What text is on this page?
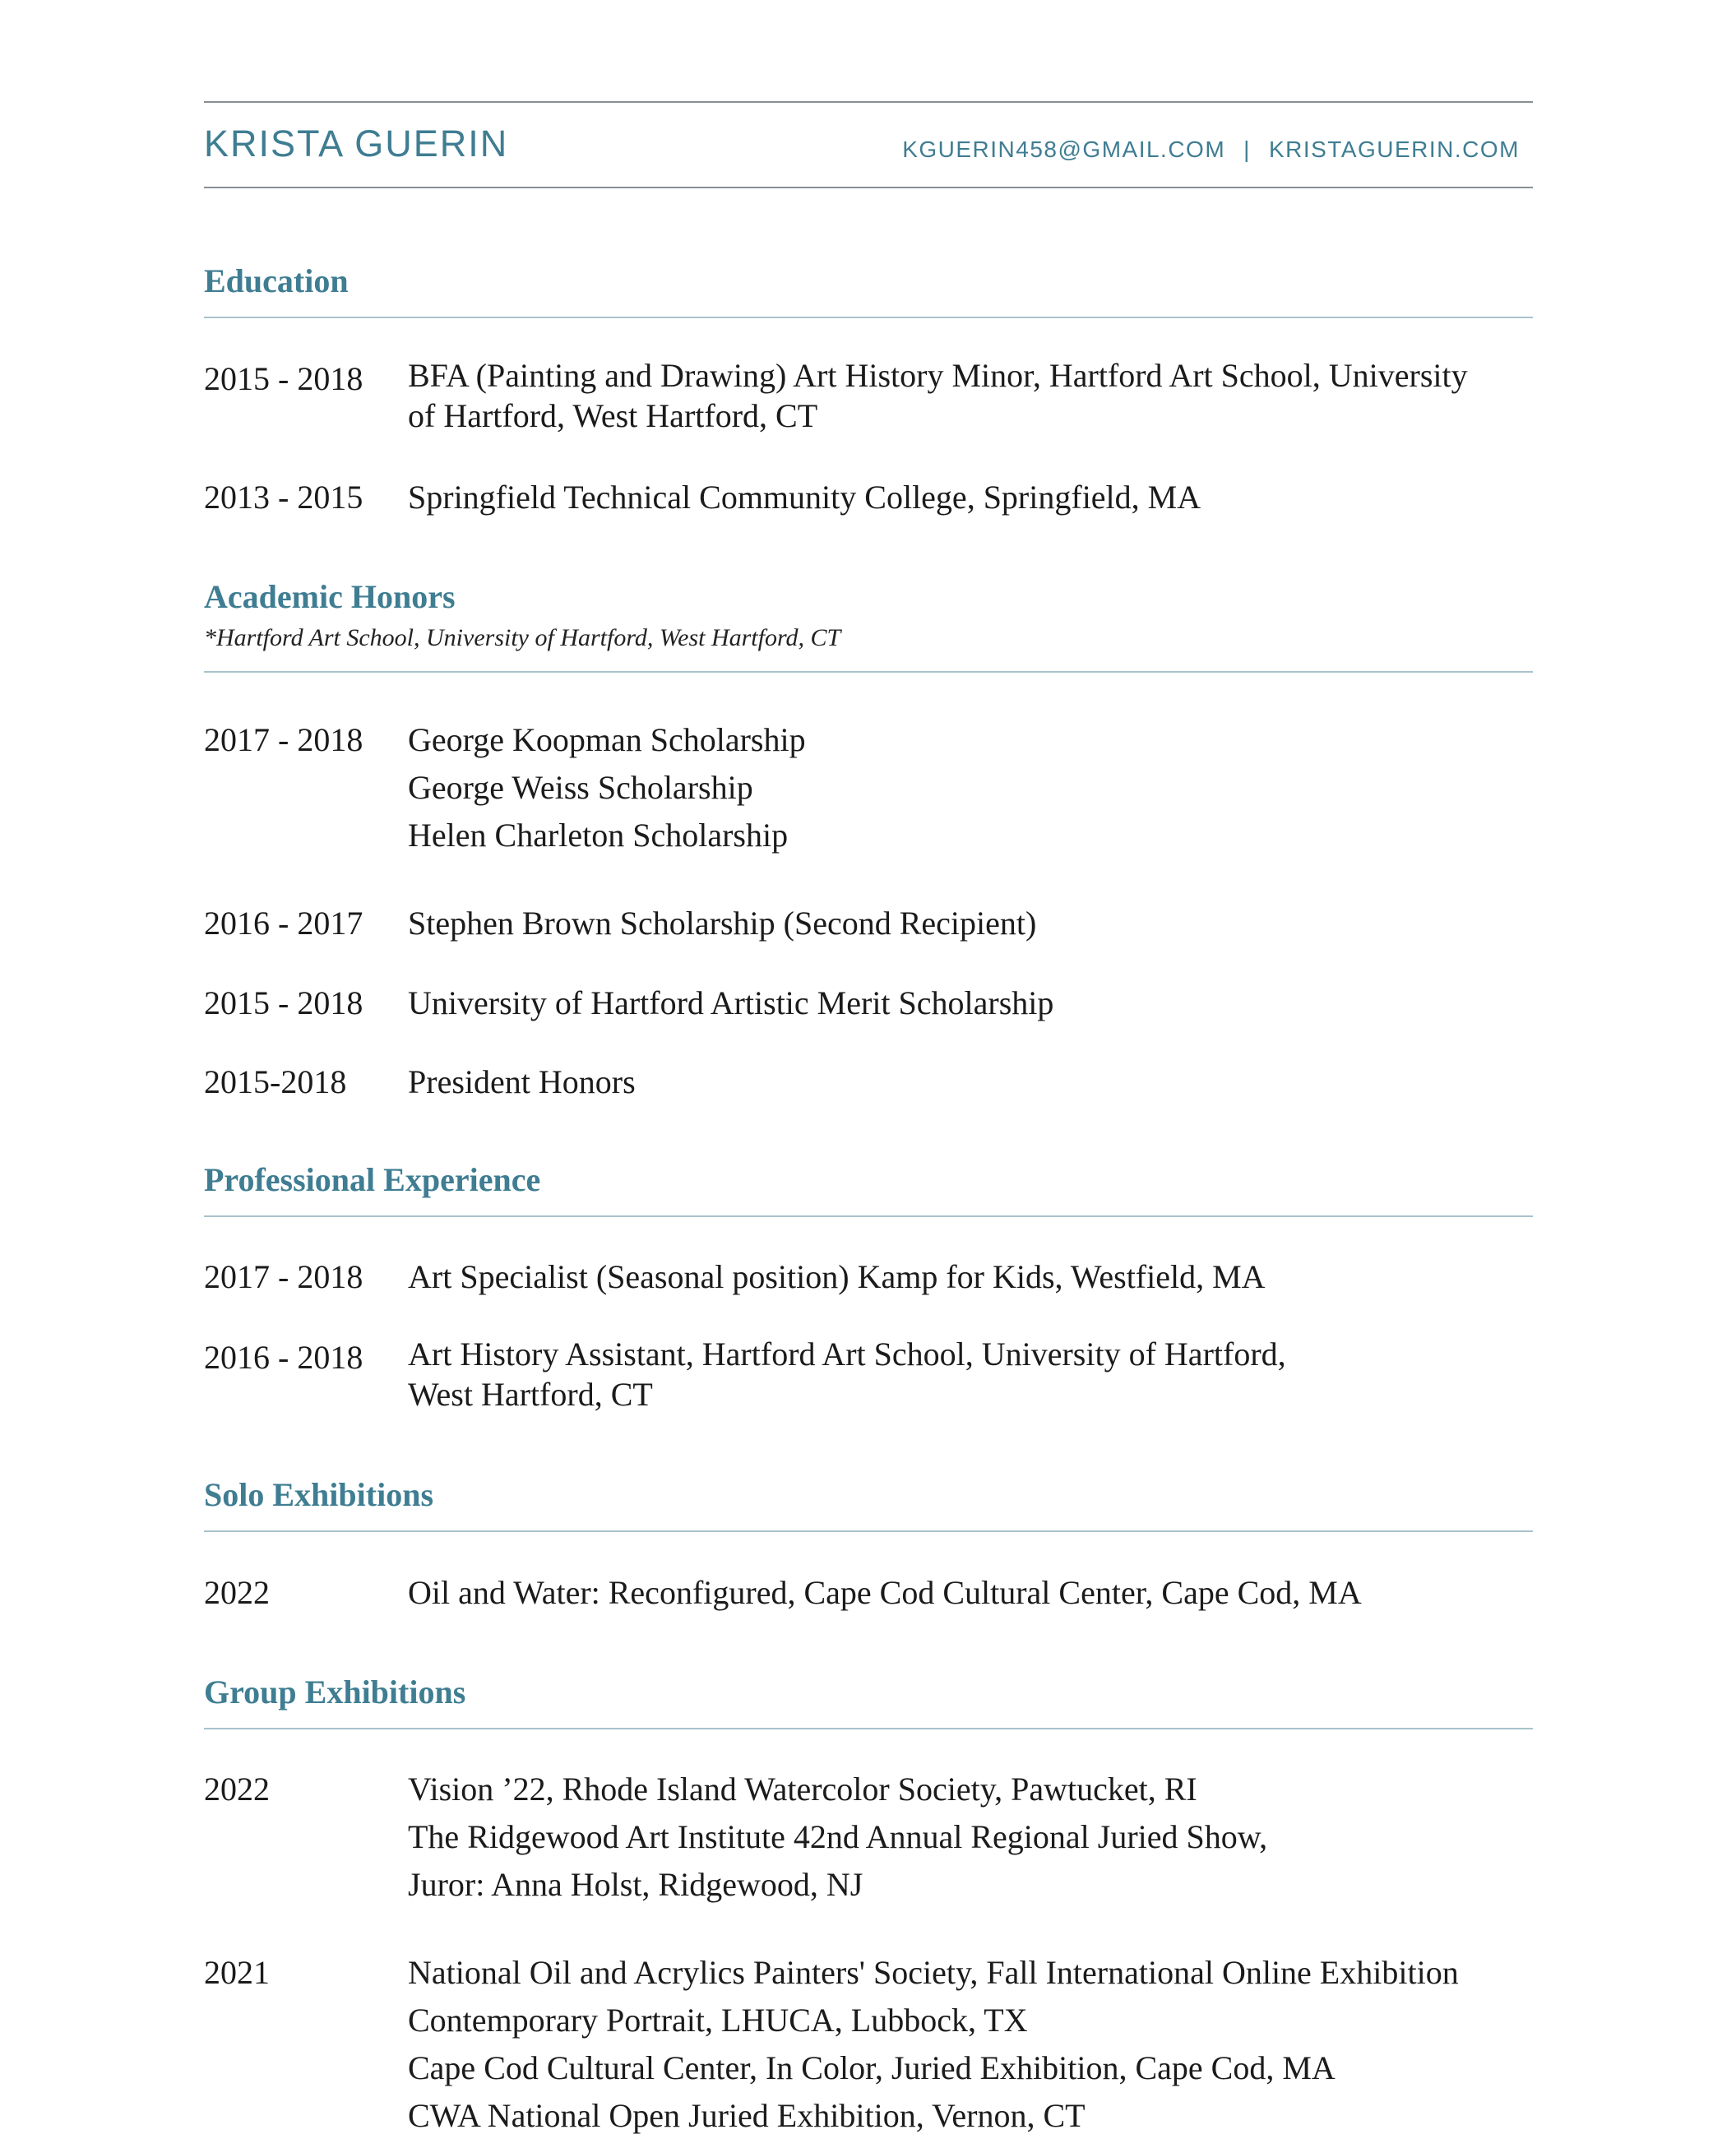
KRISTA GUERIN	KGUERIN458@GMAIL.COM | KRISTAGUERIN.COM
Education
2015 - 2018 BFA (Painting and Drawing) Art History Minor, Hartford Art School, University
of Hartford, West Hartford, CT
2013 - 2015 Springfield Technical Community College, Springfield, MA
Academic Honors
*Hartford Art School, University of Hartford, West Hartford, CT
2017 - 2018 George Koopman Scholarship
George Weiss Scholarship
Helen Charleton Scholarship
2016 - 2017 Stephen Brown Scholarship (Second Recipient)
2015 - 2018 University of Hartford Artistic Merit Scholarship
2015-2018 President Honors
Professional Experience
2017 - 2018 Art Specialist (Seasonal position) Kamp for Kids, Westfield, MA
2016 - 2018 Art History Assistant, Hartford Art School, University of Hartford,
West Hartford, CT
Solo Exhibitions
2022	Oil and Water: Reconfigured, Cape Cod Cultural Center, Cape Cod, MA
Group Exhibitions
2022	Vision ’22, Rhode Island Watercolor Society, Pawtucket, RI
The Ridgewood Art Institute 42nd Annual Regional Juried Show,
Juror: Anna Holst, Ridgewood, NJ
2021	National Oil and Acrylics Painters' Society, Fall International Online Exhibition
Contemporary Portrait, LHUCA, Lubbock, TX
Cape Cod Cultural Center, In Color, Juried Exhibition, Cape Cod, MA
CWA National Open Juried Exhibition, Vernon, CT
